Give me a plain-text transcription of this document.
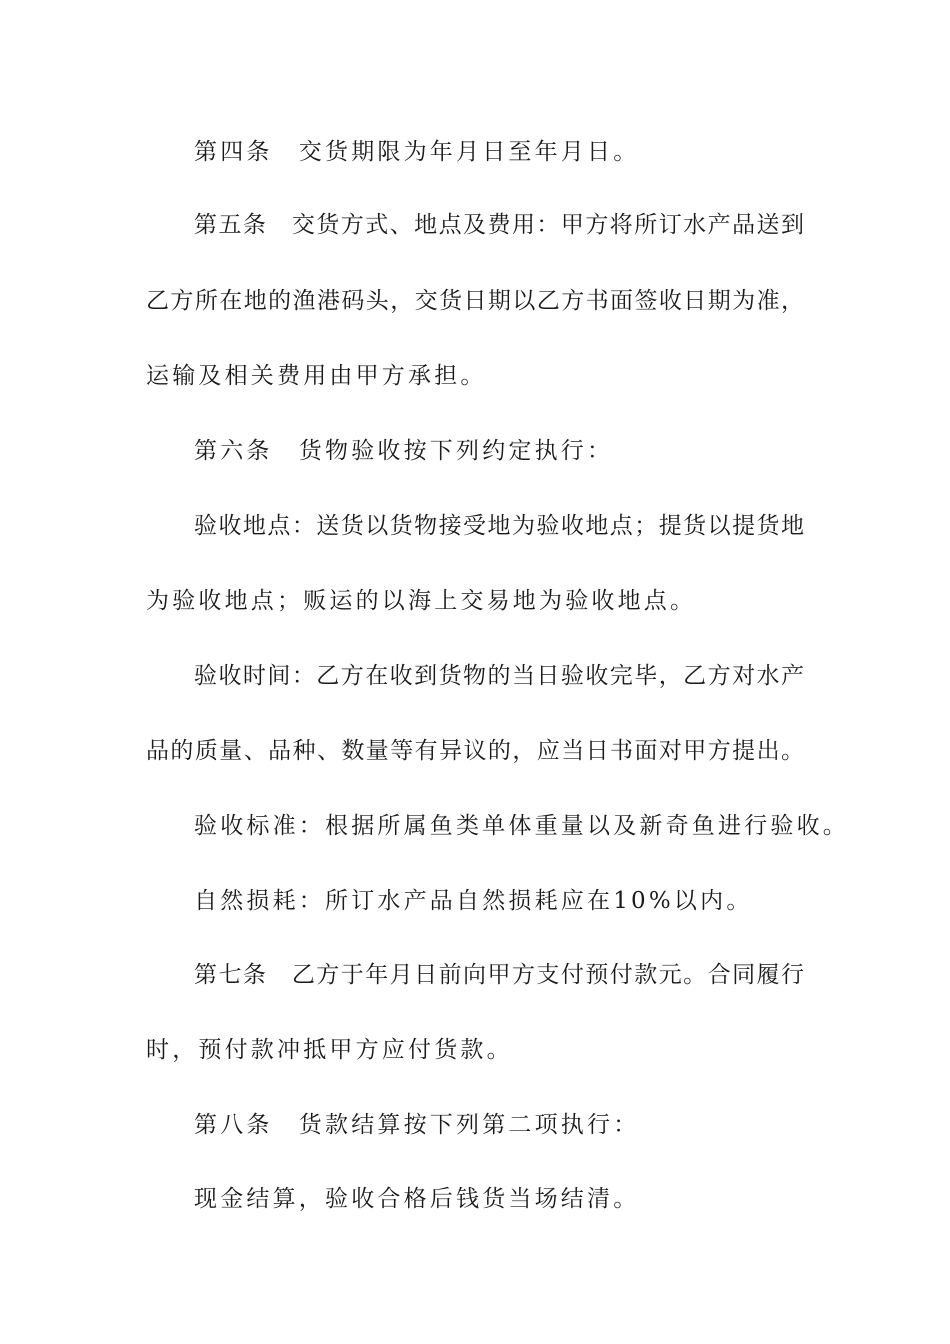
第四条　交货期限为年月日至年月日。
第五条　交货方式、地点及费用：甲方将所订水产品送到
乙方所在地的渔港码头，交货日期以乙方书面签收日期为准，
运输及相关费用由甲方承担。
第六条　货物验收按下列约定执行：
验收地点：送货以货物接受地为验收地点；提货以提货地
为验收地点；贩运的以海上交易地为验收地点。
验收时间：乙方在收到货物的当日验收完毕，乙方对水产
品的质量、品种、数量等有异议的，应当日书面对甲方提出。
验收标准：根据所属鱼类单体重量以及新奇鱼进行验收。
自然损耗：所订水产品自然损耗应在10%以内。
第七条　乙方于年月日前向甲方支付预付款元。合同履行
时，预付款冲抵甲方应付货款。
第八条　货款结算按下列第二项执行：
现金结算，验收合格后钱货当场结清。
